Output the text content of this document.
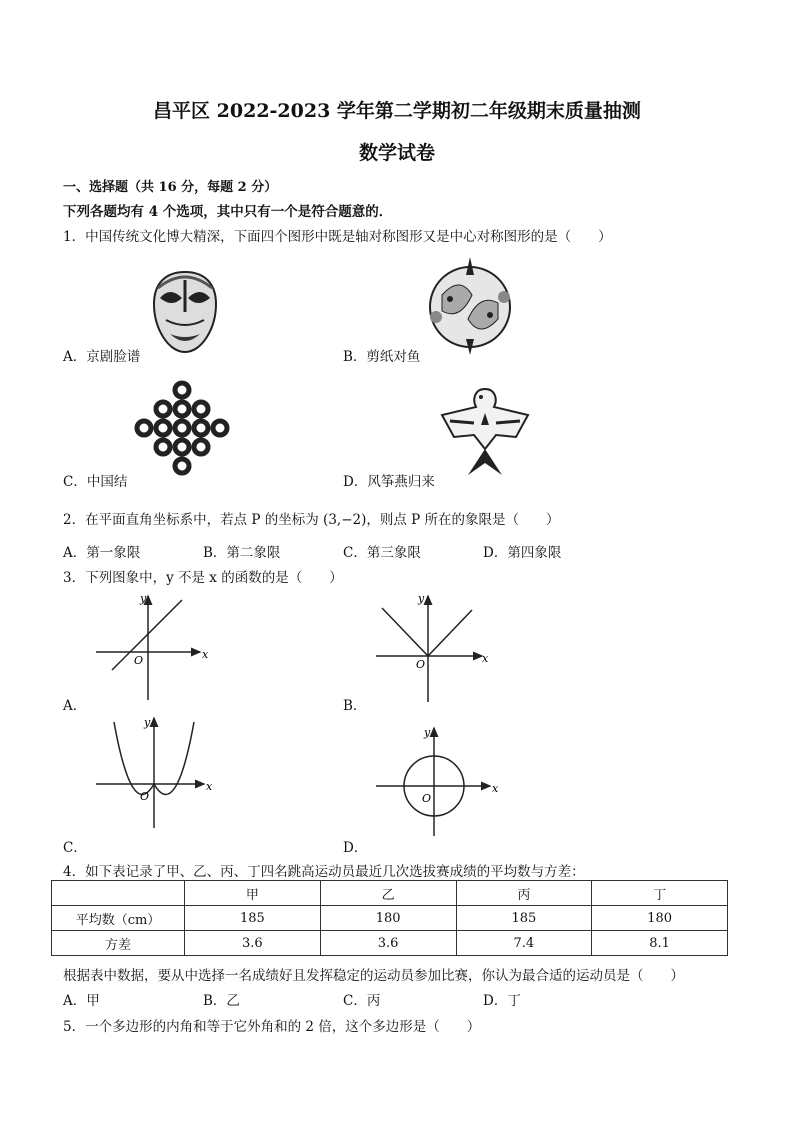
昌平区 2022-2023 学年第二学期初二年级期末质量抽测
数学试卷
一、选择题（共 16 分，每题 2 分）
下列各题均有 4 个选项，其中只有一个是符合题意的．
1．中国传统文化博大精深，下面四个图形中既是轴对称图形又是中心对称图形的是（　　）
A．京剧脸谱	B．剪纸对鱼
C．中国结	D．风筝燕归来
2．在平面直角坐标系中，若点 P 的坐标为 (3,−2)，则点 P 所在的象限是（　　）
A．第一象限	B．第二象限	C．第三象限	D．第四象限
3．下列图象中，y 不是 x 的函数的是（　　）
x
y
O	x
y
O
A．	B．
x
y
O
x
y
O
C．	D．
4．如下表记录了甲、乙、丙、丁四名跳高运动员最近几次选拔赛成绩的平均数与方差：
	甲	乙	丙	丁
平均数（cm）	185	180	185	180
方差	3.6	3.6	7.4	8.1
根据表中数据，要从中选择一名成绩好且发挥稳定的运动员参加比赛，你认为最合适的运动员是（　　）
A．甲	B．乙	C．丙	D．丁
5．一个多边形的内角和等于它外角和的 2 倍，这个多边形是（　　）
